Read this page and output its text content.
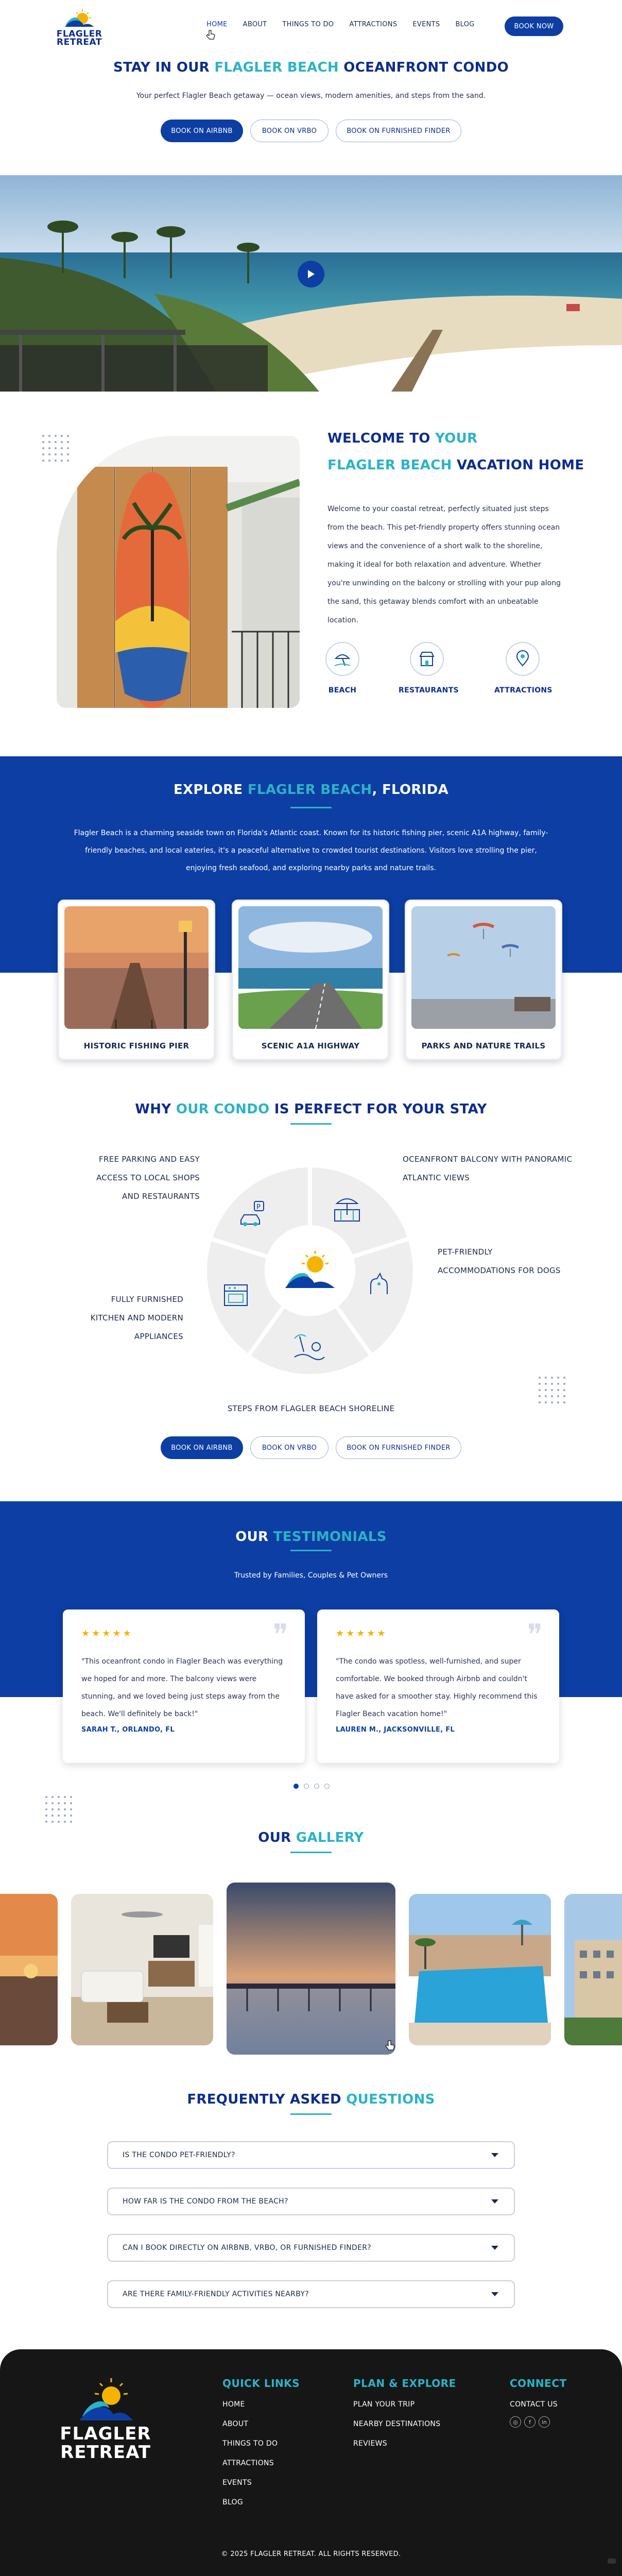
FLAGLER
RETREAT
HOME	ABOUT	THINGS TO DO	ATTRACTIONS	EVENTS	BLOG	BOOK NOW
STAY IN OUR FLAGLER BEACH OCEANFRONT CONDO
Your perfect Flagler Beach getaway — ocean views, modern amenities, and steps from the sand.
BOOK ON AIRBNB	BOOK ON VRBO	BOOK ON FURNISHED FINDER
WELCOME TO YOUR
FLAGLER BEACH VACATION HOME
Welcome to your coastal retreat, perfectly situated just steps from the beach. This pet-friendly property offers stunning ocean views and the convenience of a short walk to the shoreline, making it ideal for both relaxation and adventure. Whether you're unwinding on the balcony or strolling with your pup along the sand, this getaway blends comfort with an unbeatable location.
BEACH	RESTAURANTS	ATTRACTIONS
EXPLORE FLAGLER BEACH, FLORIDA
Flagler Beach is a charming seaside town on Florida's Atlantic coast. Known for its historic fishing pier, scenic A1A highway, family-friendly beaches, and local eateries, it's a peaceful alternative to crowded tourist destinations. Visitors love strolling the pier, enjoying fresh seafood, and exploring nearby parks and nature trails.
HISTORIC FISHING PIER	SCENIC A1A HIGHWAY	PARKS AND NATURE TRAILS
WHY OUR CONDO IS PERFECT FOR YOUR STAY
FREE PARKING AND EASY ACCESS TO LOCAL SHOPS AND RESTAURANTS
OCEANFRONT BALCONY WITH PANORAMIC ATLANTIC VIEWS
PET-FRIENDLY ACCOMMODATIONS FOR DOGS
FULLY FURNISHED KITCHEN AND MODERN APPLIANCES
STEPS FROM FLAGLER BEACH SHORELINE
P
BOOK ON AIRBNB	BOOK ON VRBO	BOOK ON FURNISHED FINDER
OUR TESTIMONIALS
Trusted by Families, Couples & Pet Owners
★★★★★	❞
"This oceanfront condo in Flagler Beach was everything we hoped for and more. The balcony views were stunning, and we loved being just steps away from the beach. We'll definitely be back!"
SARAH T., ORLANDO, FL
★★★★★	❞
"The condo was spotless, well-furnished, and super comfortable. We booked through Airbnb and couldn't have asked for a smoother stay. Highly recommend this Flagler Beach vacation home!"
LAUREN M., JACKSONVILLE, FL
OUR GALLERY
FREQUENTLY ASKED QUESTIONS
IS THE CONDO PET-FRIENDLY?
HOW FAR IS THE CONDO FROM THE BEACH?
CAN I BOOK DIRECTLY ON AIRBNB, VRBO, OR FURNISHED FINDER?
ARE THERE FAMILY-FRIENDLY ACTIVITIES NEARBY?
FLAGLER
RETREAT
QUICK LINKS
HOME
ABOUT
THINGS TO DO
ATTRACTIONS
EVENTS
BLOG
PLAN & EXPLORE
PLAN YOUR TRIP
NEARBY DESTINATIONS
REVIEWS
CONNECT
CONTACT US
◎	f	in
© 2025 FLAGLER RETREAT. ALL RIGHTS RESERVED.
